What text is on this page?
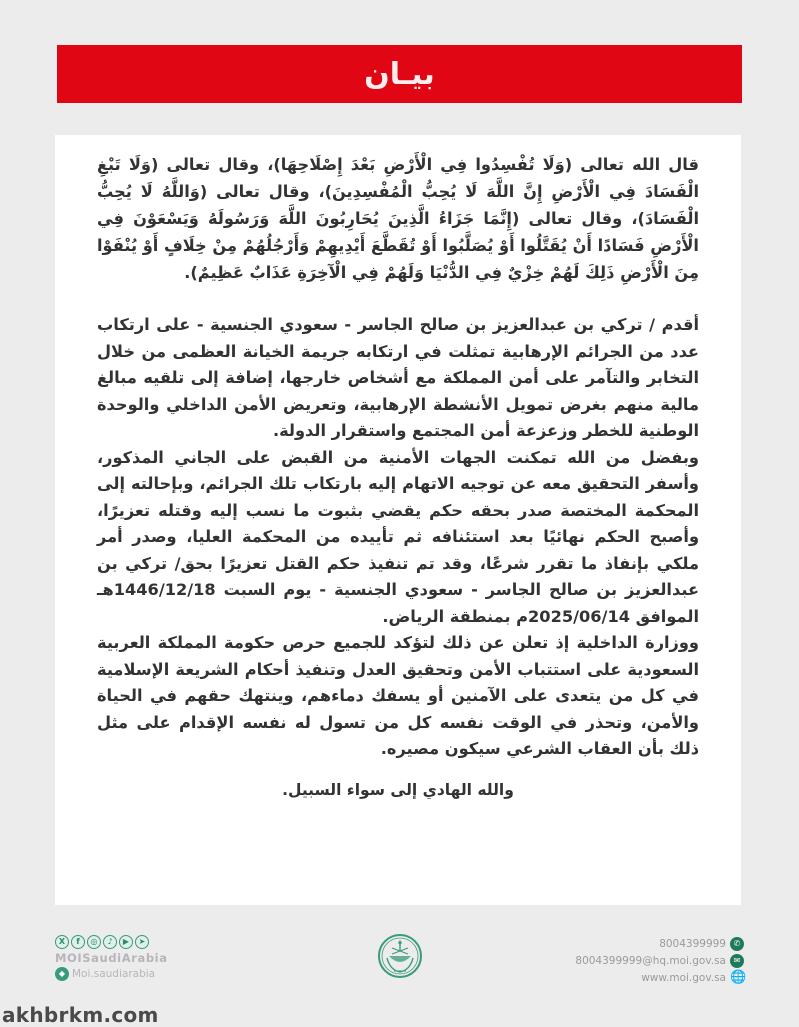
بيـان

قال الله تعالى (وَلَا تُفْسِدُوا فِي الْأَرْضِ بَعْدَ إِصْلَاحِهَا)، وقال تعالى (وَلَا تَبْغِ الْفَسَادَ فِي الْأَرْضِ إِنَّ اللَّهَ لَا يُحِبُّ الْمُفْسِدِينَ)، وقال تعالى (وَاللَّهُ لَا يُحِبُّ الْفَسَادَ)، وقال تعالى (إِنَّمَا جَزَاءُ الَّذِينَ يُحَارِبُونَ اللَّهَ وَرَسُولَهُ وَيَسْعَوْنَ فِي الْأَرْضِ فَسَادًا أَنْ يُقَتَّلُوا أَوْ يُصَلَّبُوا أَوْ تُقَطَّعَ أَيْدِيهِمْ وَأَرْجُلُهُمْ مِنْ خِلَافٍ أَوْ يُنْفَوْا مِنَ الْأَرْضِ ذَلِكَ لَهُمْ خِزْيٌ فِي الدُّنْيَا وَلَهُمْ فِي الْآخِرَةِ عَذَابٌ عَظِيمٌ).

أقدم / تركي بن عبدالعزيز بن صالح الجاسر - سعودي الجنسية - على ارتكاب عدد من الجرائم الإرهابية تمثلت في ارتكابه جريمة الخيانة العظمى من خلال التخابر والتآمر على أمن المملكة مع أشخاص خارجها، إضافة إلى تلقيه مبالغ مالية منهم بغرض تمويل الأنشطة الإرهابية، وتعريض الأمن الداخلي والوحدة الوطنية للخطر وزعزعة أمن المجتمع واستقرار الدولة.

وبفضل من الله تمكنت الجهات الأمنية من القبض على الجاني المذكور، وأسفر التحقيق معه عن توجيه الاتهام إليه بارتكاب تلك الجرائم، وبإحالته إلى المحكمة المختصة صدر بحقه حكم يقضي بثبوت ما نسب إليه وقتله تعزيرًا، وأصبح الحكم نهائيًا بعد استئنافه ثم تأييده من المحكمة العليا، وصدر أمر ملكي بإنفاذ ما تقرر شرعًا، وقد تم تنفيذ حكم القتل تعزيرًا بحق/ تركي بن عبدالعزيز بن صالح الجاسر - سعودي الجنسية - يوم السبت 1446/12/18هـ الموافق 2025/06/14م بمنطقة الرياض.

ووزارة الداخلية إذ تعلن عن ذلك لتؤكد للجميع حرص حكومة المملكة العربية السعودية على استتباب الأمن وتحقيق العدل وتنفيذ أحكام الشريعة الإسلامية في كل من يتعدى على الآمنين أو يسفك دماءهم، وينتهك حقهم في الحياة والأمن، وتحذر في الوقت نفسه كل من تسول له نفسه الإقدام على مثل ذلك بأن العقاب الشرعي سيكون مصيره.

والله الهادي إلى سواء السبيل.

X	f	◎	♪	▶	➤
MOISaudiArabia
◆ Moi.saudiarabia
8004399999 ✆
8004399999@hq.moi.gov.sa ✉
www.moi.gov.sa 🌐
akhbrkm.com
